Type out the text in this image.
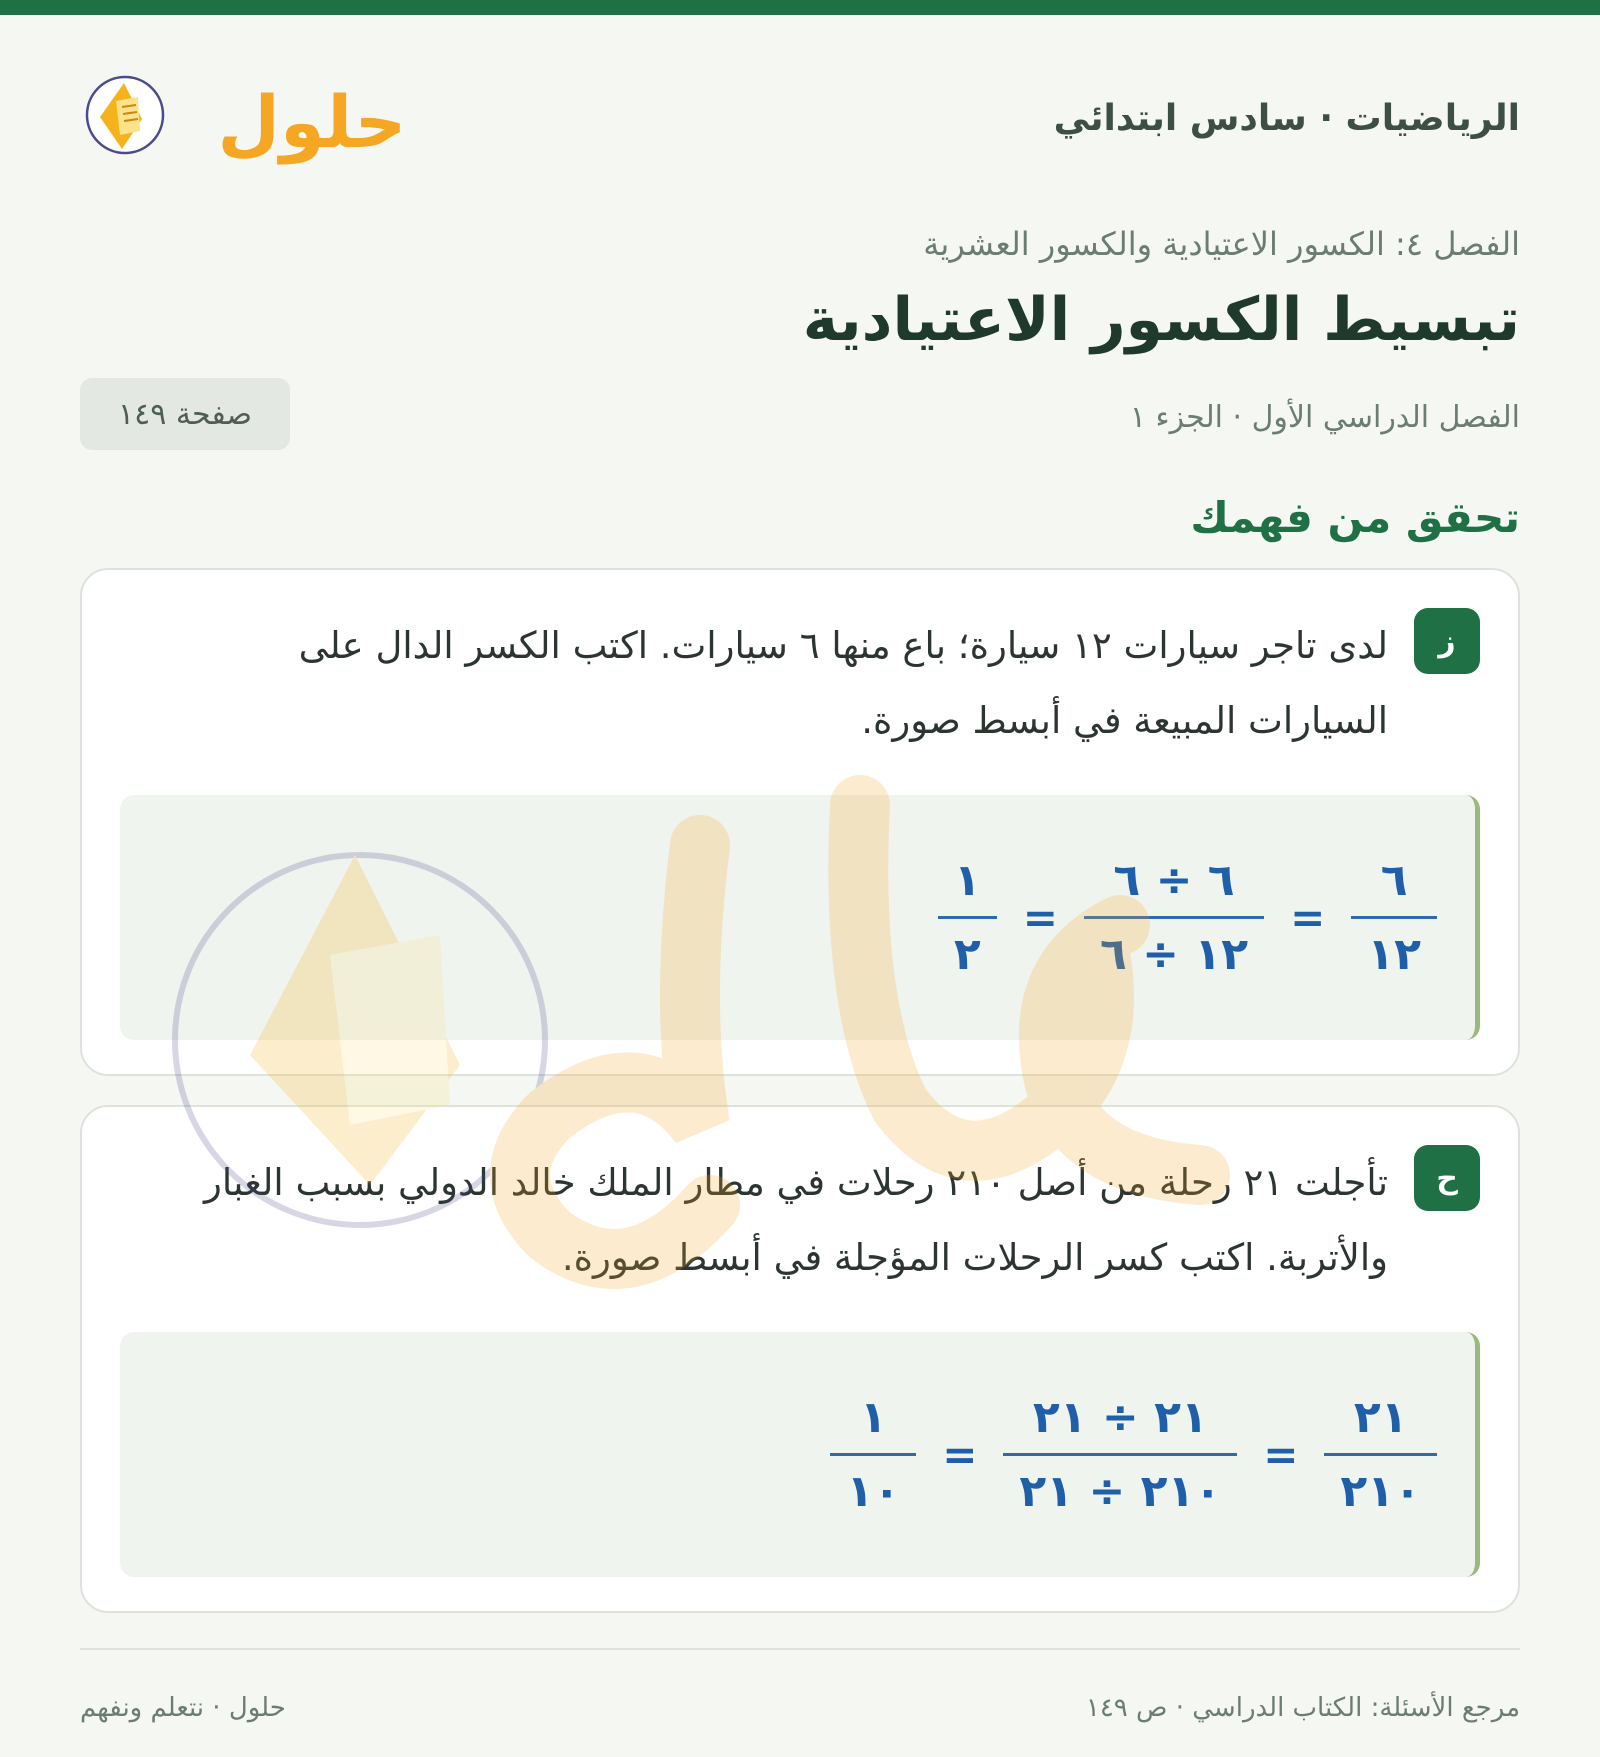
الرياضيات · سادس ابتدائي
حلول
الفصل ٤: الكسور الاعتيادية والكسور العشرية
تبسيط الكسور الاعتيادية
الفصل الدراسي الأول · الجزء ١
صفحة ١٤٩
تحقق من فهمك
ز
لدى تاجر سيارات ١٢ سيارة؛ باع منها ٦ سيارات. اكتب الكسر الدال على السيارات المبيعة في أبسط صورة.
$\frac{٦}{١٢}$
=
$\frac{٦ \div ٦}{١٢ \div ٦}$
=
$\frac{١}{٢}$
ح
تأجلت ٢١ رحلة من أصل ٢١٠ رحلات في مطار الملك خالد الدولي بسبب الغبار والأتربة. اكتب كسر الرحلات المؤجلة في أبسط صورة.
$\frac{٢١}{٢١٠}$
=
$\frac{٢١ \div ٢١}{٢١٠ \div ٢١}$
=
$\frac{١}{١٠}$
مرجع الأسئلة: الكتاب الدراسي · ص ١٤٩
حلول · نتعلم ونفهم
